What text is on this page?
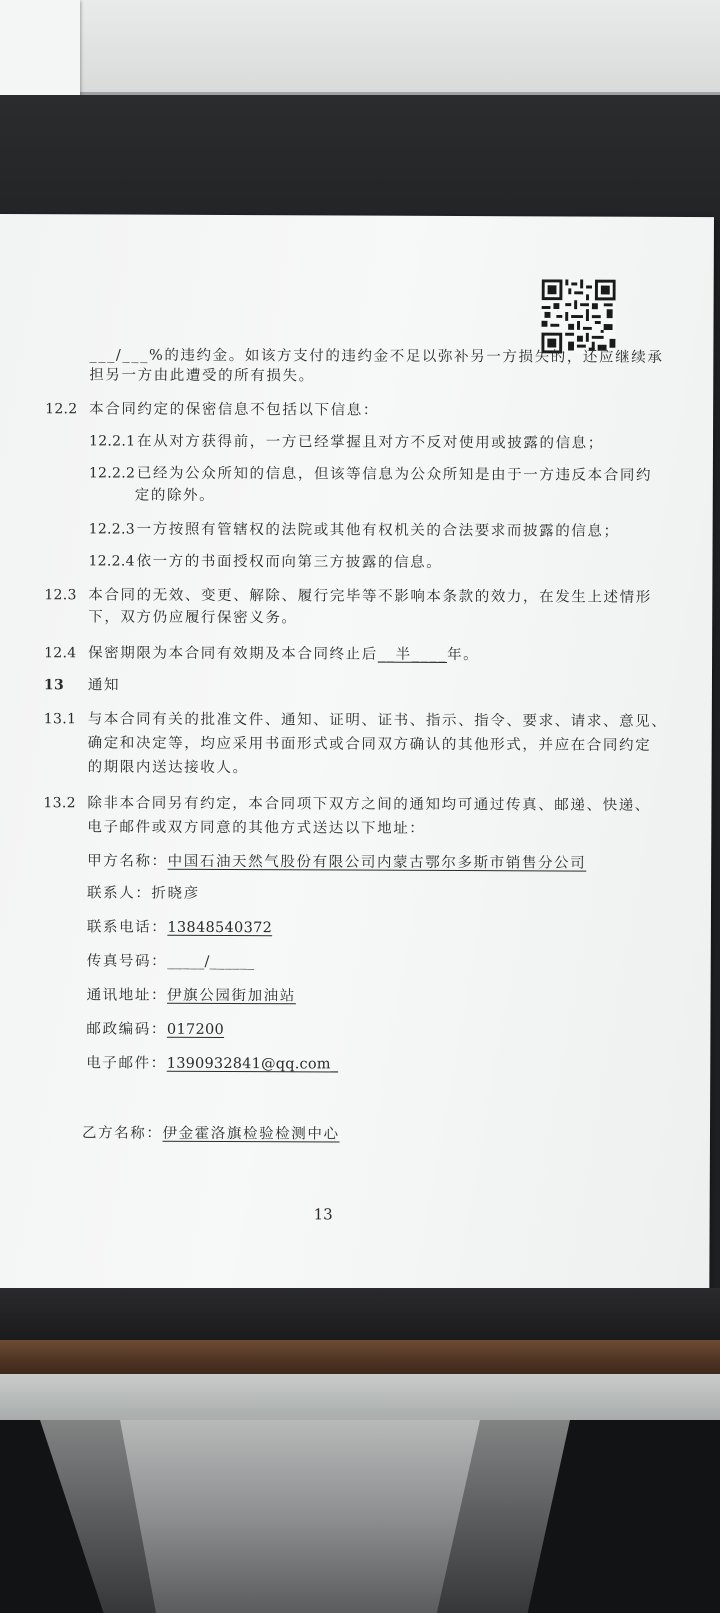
___/___%的违约金。如该方支付的违约金不足以弥补另一方损失的，还应继续承
担另一方由此遭受的所有损失。
12.2 本合同约定的保密信息不包括以下信息：
12.2.1 在从对方获得前，一方已经掌握且对方不反对使用或披露的信息；
12.2.2 已经为公众所知的信息，但该等信息为公众所知是由于一方违反本合同约
定的除外。
12.2.3 一方按照有管辖权的法院或其他有权机关的合法要求而披露的信息；
12.2.4 依一方的书面授权而向第三方披露的信息。
12.3 本合同的无效、变更、解除、履行完毕等不影响本条款的效力，在发生上述情形
下，双方仍应履行保密义务。
12.4 保密期限为本合同有效期及本合同终止后__半____年。
13 通知
13.1 与本合同有关的批准文件、通知、证明、证书、指示、指令、要求、请求、意见、
确定和决定等，均应采用书面形式或合同双方确认的其他形式，并应在合同约定
的期限内送达接收人。
13.2 除非本合同另有约定，本合同项下双方之间的通知均可通过传真、邮递、快递、
电子邮件或双方同意的其他方式送达以下地址：
甲方名称：中国石油天然气股份有限公司内蒙古鄂尔多斯市销售分公司
联系人：折晓彦
联系电话：13848540372
传真号码：_____/______
通讯地址：伊旗公园街加油站
邮政编码：017200
电子邮件：1390932841@qq.com_
乙方名称：伊金霍洛旗检验检测中心
13
